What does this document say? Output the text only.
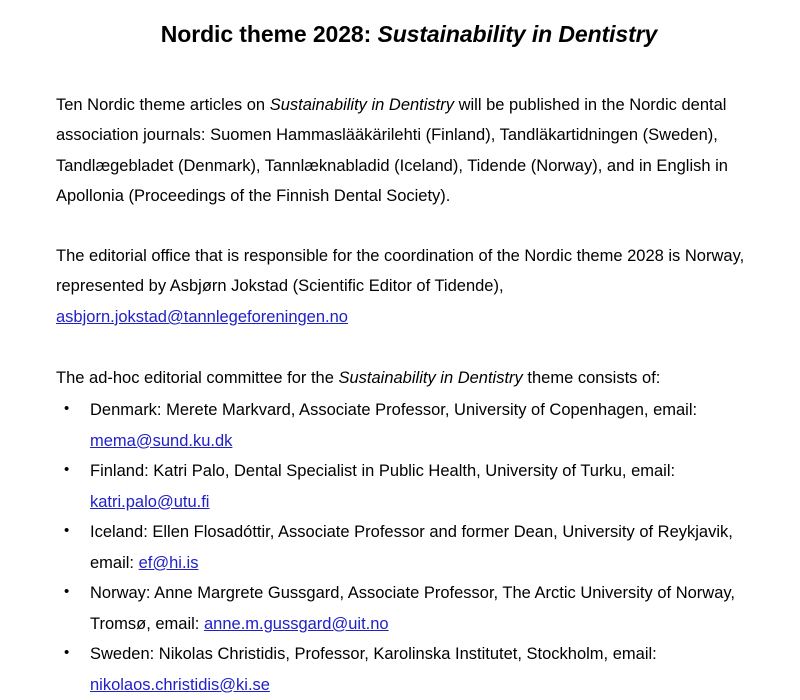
Nordic theme 2028: Sustainability in Dentistry

Ten Nordic theme articles on Sustainability in Dentistry will be published in the Nordic dental association journals: Suomen Hammaslääkärilehti (Finland), Tandläkartidningen (Sweden), Tandlægebladet (Denmark), Tannlæknabladid (Iceland), Tidende (Norway), and in English in Apollonia (Proceedings of the Finnish Dental Society).

The editorial office that is responsible for the coordination of the Nordic theme 2028 is Norway, represented by Asbjørn Jokstad (Scientific Editor of Tidende),
asbjorn.jokstad@tannlegeforeningen.no

The ad-hoc editorial committee for the Sustainability in Dentistry theme consists of:

• Denmark: Merete Markvard, Associate Professor, University of Copenhagen, email:
mema@sund.ku.dk
• Finland: Katri Palo, Dental Specialist in Public Health, University of Turku, email:
katri.palo@utu.fi
• Iceland: Ellen Flosadóttir, Associate Professor and former Dean, University of Reykjavik,
email: ef@hi.is
• Norway: Anne Margrete Gussgard, Associate Professor, The Arctic University of Norway,
Tromsø, email: anne.m.gussgard@uit.no
• Sweden: Nikolas Christidis, Professor, Karolinska Institutet, Stockholm, email:
nikolaos.christidis@ki.se
